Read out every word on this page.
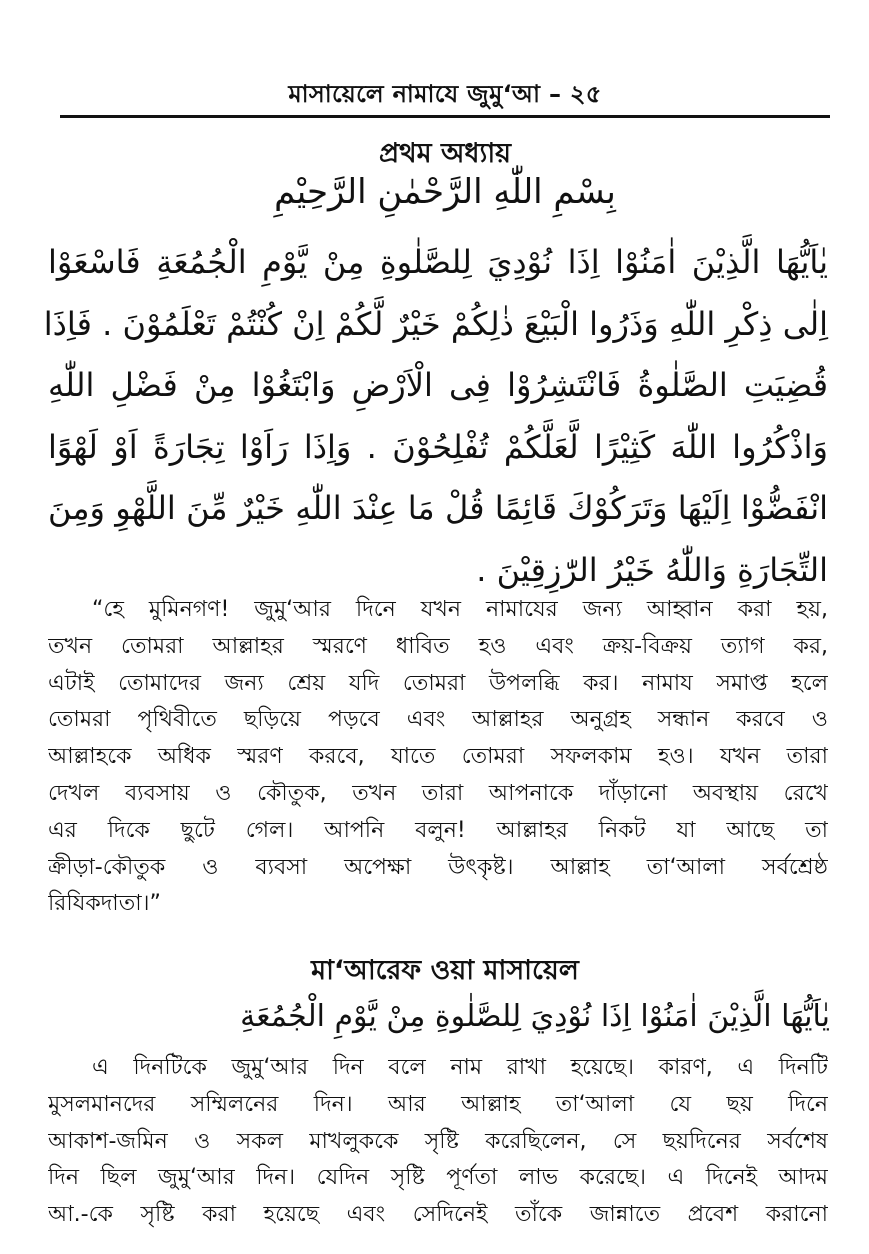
মাসায়েলে নামাযে জুমু‘আ – ২৫
প্রথম অধ্যায়
بِسْمِ اللّٰهِ الرَّحْمٰنِ الرَّحِيْمِ
يٰاَيُّهَا الَّذِيْنَ اٰمَنُوْا اِذَا نُوْدِيَ لِلصَّلٰوةِ مِنْ يَّوْمِ الْجُمُعَةِ فَاسْعَوْا
اِلٰى ذِكْرِ اللّٰهِ وَذَرُوا الْبَيْعَ ذٰلِكُمْ خَيْرٌ لَّكُمْ اِنْ كُنْتُمْ تَعْلَمُوْنَ . فَاِذَا
قُضِيَتِ الصَّلٰوةُ فَانْتَشِرُوْا فِى الْاَرْضِ وَابْتَغُوْا مِنْ فَضْلِ اللّٰهِ
وَاذْكُرُوا اللّٰهَ كَثِيْرًا لَّعَلَّكُمْ تُفْلِحُوْنَ . وَاِذَا رَاَوْا تِجَارَةً اَوْ لَهْوًا
انْفَضُّوْا اِلَيْهَا وَتَرَكُوْكَ قَائِمًا قُلْ مَا عِنْدَ اللّٰهِ خَيْرٌ مِّنَ اللَّهْوِ وَمِنَ
التِّجَارَةِ وَاللّٰهُ خَيْرُ الرّٰزِقِيْنَ .
“হে মুমিনগণ! জুমু‘আর দিনে যখন নামাযের জন্য আহ্বান করা হয়,
তখন তোমরা আল্লাহর স্মরণে ধাবিত হও এবং ক্রয়-বিক্রয় ত্যাগ কর,
এটাই তোমাদের জন্য শ্রেয় যদি তোমরা উপলব্ধি কর। নামায সমাপ্ত হলে
তোমরা পৃথিবীতে ছড়িয়ে পড়বে এবং আল্লাহর অনুগ্রহ সন্ধান করবে ও
আল্লাহকে অধিক স্মরণ করবে, যাতে তোমরা সফলকাম হও। যখন তারা
দেখল ব্যবসায় ও কৌতুক, তখন তারা আপনাকে দাঁড়ানো অবস্থায় রেখে
এর দিকে ছুটে গেল। আপনি বলুন! আল্লাহর নিকট যা আছে তা
ক্রীড়া-কৌতুক ও ব্যবসা অপেক্ষা উৎকৃষ্ট। আল্লাহ তা‘আলা সর্বশ্রেষ্ঠ
রিযিকদাতা।”
মা‘আরেফ ওয়া মাসায়েল
يٰاَيُّهَا الَّذِيْنَ اٰمَنُوْا اِذَا نُوْدِيَ لِلصَّلٰوةِ مِنْ يَّوْمِ الْجُمُعَةِ
এ দিনটিকে জুমু‘আর দিন বলে নাম রাখা হয়েছে। কারণ, এ দিনটি
মুসলমানদের সম্মিলনের দিন। আর আল্লাহ তা‘আলা যে ছয় দিনে
আকাশ-জমিন ও সকল মাখলুককে সৃষ্টি করেছিলেন, সে ছয়দিনের সর্বশেষ
দিন ছিল জুমু‘আর দিন। যেদিন সৃষ্টি পূর্ণতা লাভ করেছে। এ দিনেই আদম
আ.-কে সৃষ্টি করা হয়েছে এবং সেদিনেই তাঁকে জান্নাতে প্রবেশ করানো
